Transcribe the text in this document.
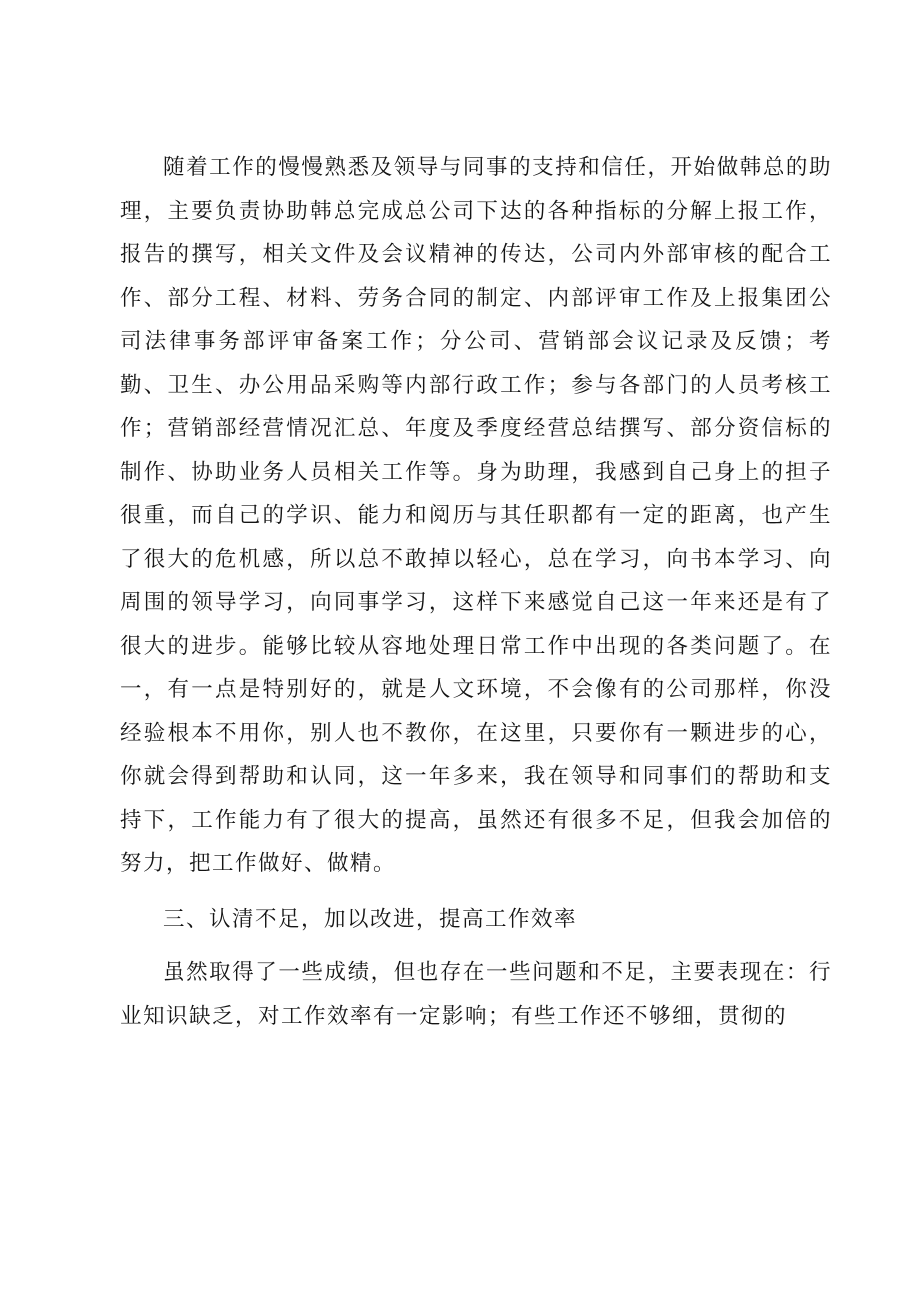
随着工作的慢慢熟悉及领导与同事的支持和信任，开始做韩总的助理，主要负责协助韩总完成总公司下达的各种指标的分解上报工作，报告的撰写，相关文件及会议精神的传达，公司内外部审核的配合工作、部分工程、材料、劳务合同的制定、内部评审工作及上报集团公司法律事务部评审备案工作；分公司、营销部会议记录及反馈；考勤、卫生、办公用品采购等内部行政工作；参与各部门的人员考核工作；营销部经营情况汇总、年度及季度经营总结撰写、部分资信标的制作、协助业务人员相关工作等。身为助理，我感到自己身上的担子很重，而自己的学识、能力和阅历与其任职都有一定的距离，也产生了很大的危机感，所以总不敢掉以轻心，总在学习，向书本学习、向周围的领导学习，向同事学习，这样下来感觉自己这一年来还是有了很大的进步。能够比较从容地处理日常工作中出现的各类问题了。在一，有一点是特别好的，就是人文环境，不会像有的公司那样，你没经验根本不用你，别人也不教你，在这里，只要你有一颗进步的心，你就会得到帮助和认同，这一年多来，我在领导和同事们的帮助和支持下，工作能力有了很大的提高，虽然还有很多不足，但我会加倍的努力，把工作做好、做精。

三、认清不足，加以改进，提高工作效率

虽然取得了一些成绩，但也存在一些问题和不足，主要表现在：行业知识缺乏，对工作效率有一定影响；有些工作还不够细，贯彻的
